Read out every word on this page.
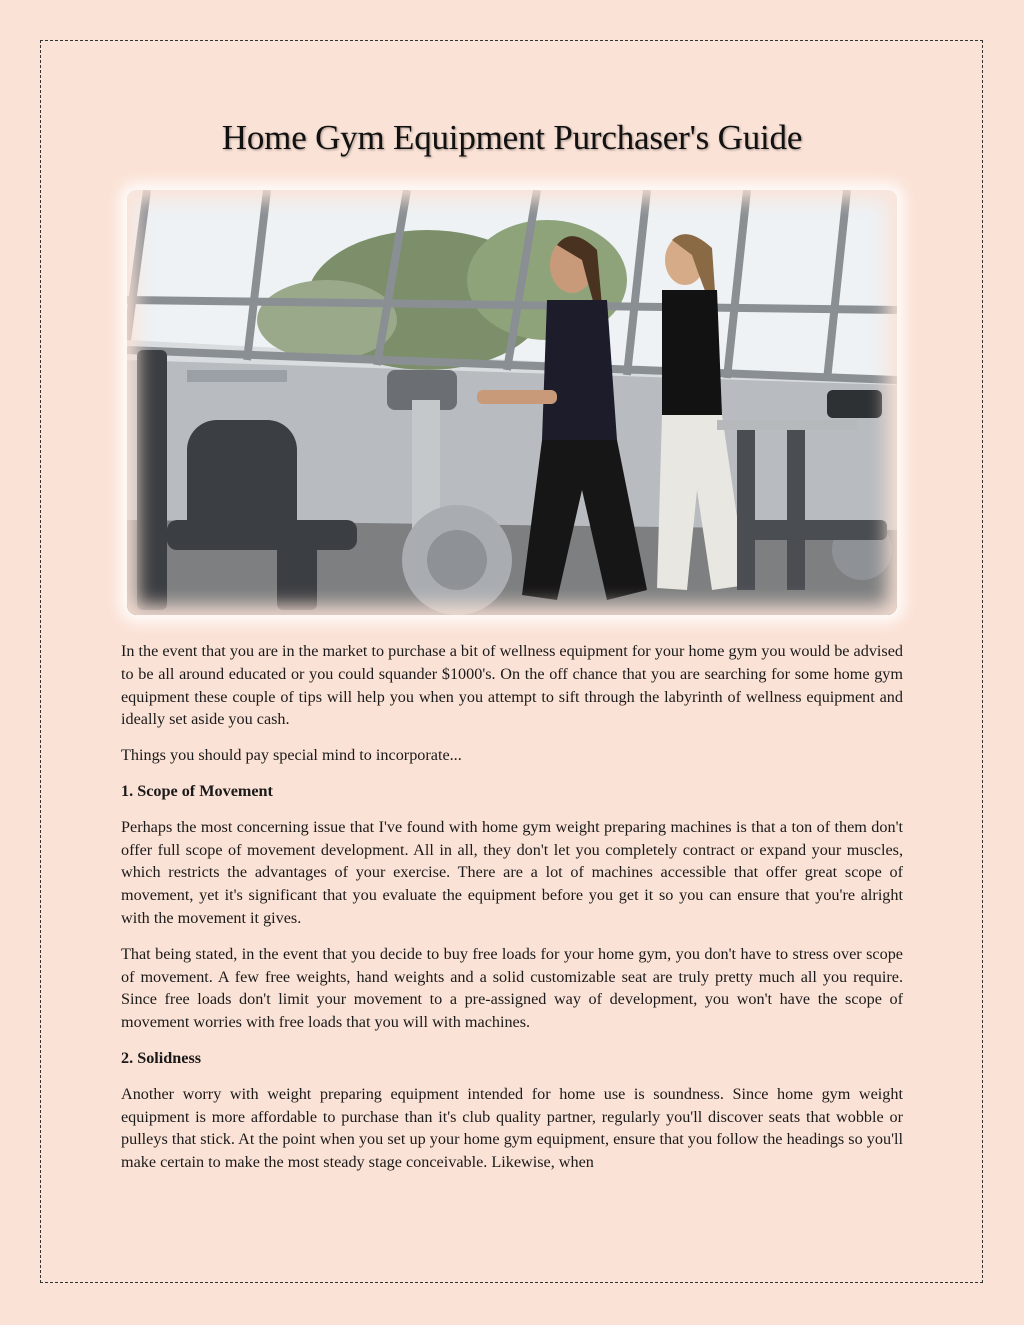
Home Gym Equipment Purchaser's Guide

In the event that you are in the market to purchase a bit of wellness equipment for your home gym you would be advised to be all around educated or you could squander $1000's. On the off chance that you are searching for some home gym equipment these couple of tips will help you when you attempt to sift through the labyrinth of wellness equipment and ideally set aside you cash.

Things you should pay special mind to incorporate...

1. Scope of Movement

Perhaps the most concerning issue that I've found with home gym weight preparing machines is that a ton of them don't offer full scope of movement development. All in all, they don't let you completely contract or expand your muscles, which restricts the advantages of your exercise. There are a lot of machines accessible that offer great scope of movement, yet it's significant that you evaluate the equipment before you get it so you can ensure that you're alright with the movement it gives.

That being stated, in the event that you decide to buy free loads for your home gym, you don't have to stress over scope of movement. A few free weights, hand weights and a solid customizable seat are truly pretty much all you require. Since free loads don't limit your movement to a pre-assigned way of development, you won't have the scope of movement worries with free loads that you will with machines.

2. Solidness

Another worry with weight preparing equipment intended for home use is soundness. Since home gym weight equipment is more affordable to purchase than it's club quality partner, regularly you'll discover seats that wobble or pulleys that stick. At the point when you set up your home gym equipment, ensure that you follow the headings so you'll make certain to make the most steady stage conceivable. Likewise, when
